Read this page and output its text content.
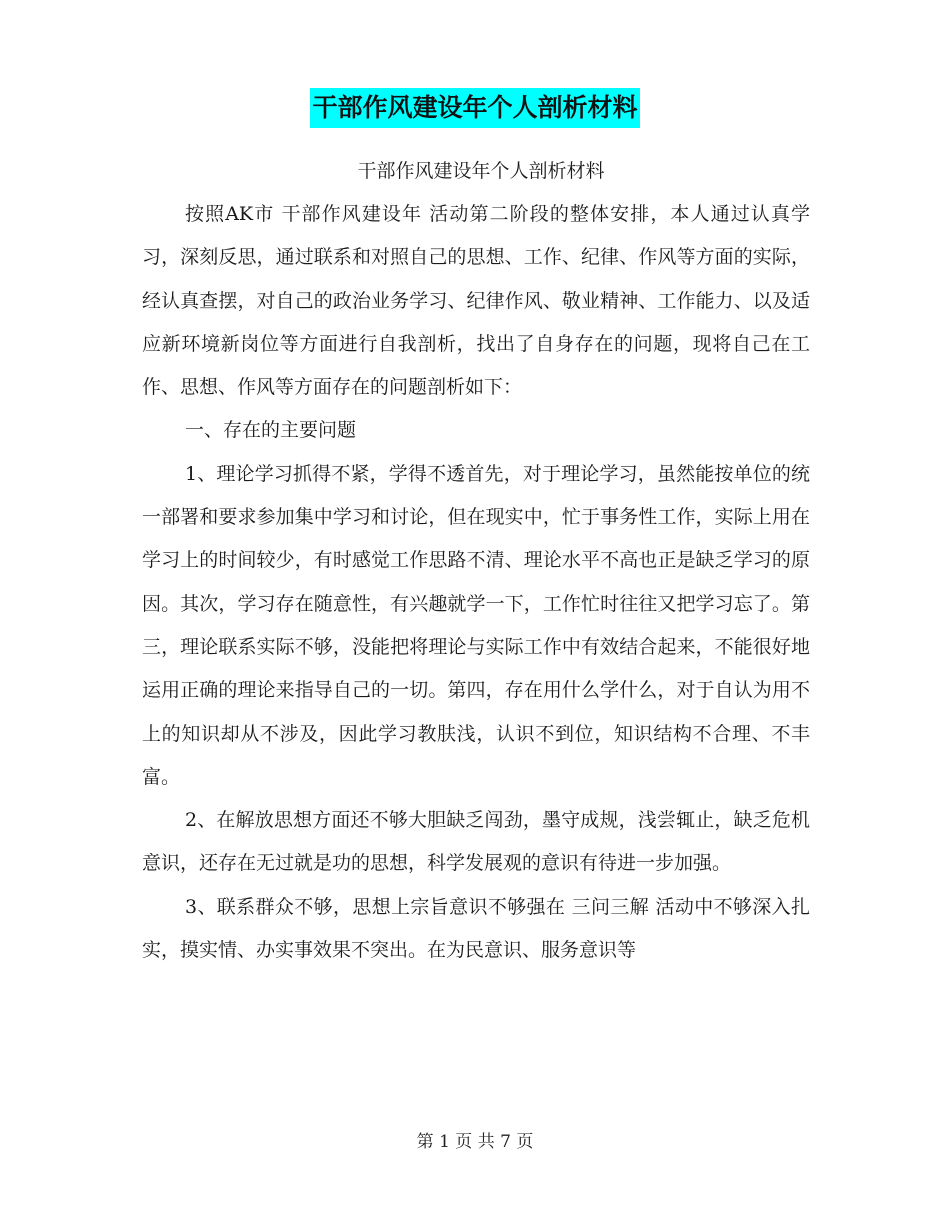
干部作风建设年个人剖析材料

干部作风建设年个人剖析材料

按照AK市 干部作风建设年 活动第二阶段的整体安排，本人通过认真学习，深刻反思，通过联系和对照自己的思想、工作、纪律、作风等方面的实际，经认真查摆，对自己的政治业务学习、纪律作风、敬业精神、工作能力、以及适应新环境新岗位等方面进行自我剖析，找出了自身存在的问题，现将自己在工作、思想、作风等方面存在的问题剖析如下：

一、存在的主要问题

1、理论学习抓得不紧，学得不透首先，对于理论学习，虽然能按单位的统一部署和要求参加集中学习和讨论，但在现实中，忙于事务性工作，实际上用在学习上的时间较少，有时感觉工作思路不清、理论水平不高也正是缺乏学习的原因。其次，学习存在随意性，有兴趣就学一下，工作忙时往往又把学习忘了。第三，理论联系实际不够，没能把将理论与实际工作中有效结合起来，不能很好地运用正确的理论来指导自己的一切。第四，存在用什么学什么，对于自认为用不上的知识却从不涉及，因此学习教肤浅，认识不到位，知识结构不合理、不丰富。

2、在解放思想方面还不够大胆缺乏闯劲，墨守成规，浅尝辄止，缺乏危机意识，还存在无过就是功的思想，科学发展观的意识有待进一步加强。

3、联系群众不够，思想上宗旨意识不够强在 三问三解 活动中不够深入扎实，摸实情、办实事效果不突出。在为民意识、服务意识等

第 1 页 共 7 页
